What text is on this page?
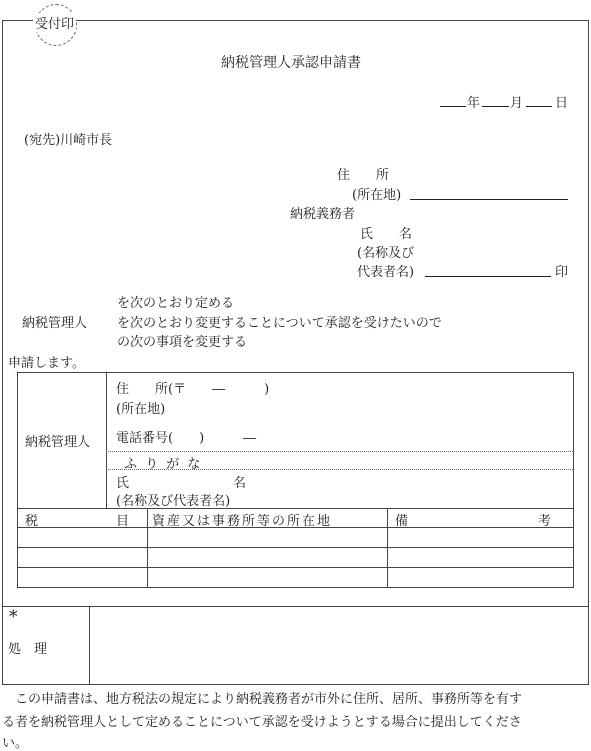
受付印
納税管理人承認申請書
年 月 日
(宛先)川崎市長
住　　所
(所在地)
納税義務者
氏　　名
(名称及び
代表者名)	印
を次のとおり定める
納税管理人 を次のとおり変更することについて承認を受けたいので
の次の事項を変更する
申請します。
納税管理人
住　　所(〒　　―　　　)
(所在地)
電話番号(　　)　　　―
ふ り が な
氏　　　　　　　　名
(名称及び代表者名)
税　　　　　　目 資産又は事務所等の所在地	備　　　　　　　　　　考
*
処　理
　この申請書は、地方税法の規定により納税義務者が市外に住所、居所、事務所等を有す
る者を納税管理人として定めることについて承認を受けようとする場合に提出してくださ
い。
